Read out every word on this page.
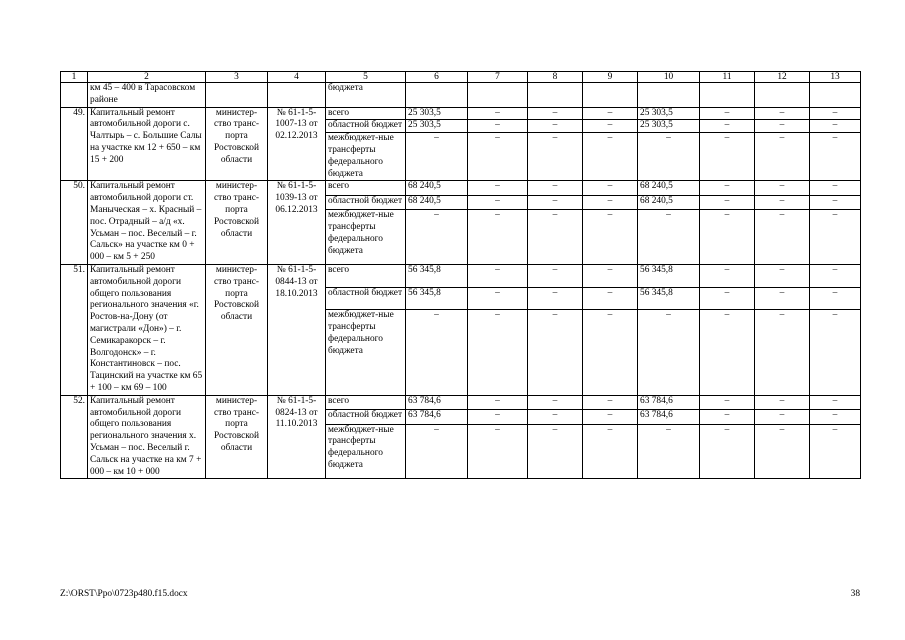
1	2	3	4	5	6	7	8	9	10	11	12	13
	км 45 – 400 в Тарасовском районе			бюджета								
49.	Капитальный ремонт автомобильной дороги с. Чалтырь – с. Большие Салы на участке км 12 + 650 – км 15 + 200	министер-ство транс-порта Ростовской области	№ 61-1-5-1007-13 от 02.12.2013	всего	25 303,5	–	–	–	25 303,5	–	–	–
				областной бюджет	25 303,5	–	–	–	25 303,5	–	–	–
				межбюджет-ные трансферты федерального бюджета	–	–	–	–	–	–	–	–
50.	Капитальный ремонт автомобильной дороги ст. Маныческая – х. Красный – пос. Отрадный – а/д «х. Усьман – пос. Веселый – г. Сальск» на участке км 0 + 000 – км 5 + 250	министер-ство транс-порта Ростовской области	№ 61-1-5-1039-13 от 06.12.2013	всего	68 240,5	–	–	–	68 240,5	–	–	–
				областной бюджет	68 240,5	–	–	–	68 240,5	–	–	–
				межбюджет-ные трансферты федерального бюджета	–	–	–	–	–	–	–	–
51.	Капитальный ремонт автомобильной дороги общего пользования регионального значения «г. Ростов-на-Дону (от магистрали «Дон») – г. Семикаракорск – г. Волгодонск» – г. Константиновск – пос. Тацинский на участке км 65 + 100 – км 69 – 100	министер-ство транс-порта Ростовской области	№ 61-1-5-0844-13 от 18.10.2013	всего	56 345,8	–	–	–	56 345,8	–	–	–
				областной бюджет	56 345,8	–	–	–	56 345,8	–	–	–
				межбюджет-ные трансферты федерального бюджета	–	–	–	–	–	–	–	–
52.	Капитальный ремонт автомобильной дороги общего пользования регионального значения х. Усьман – пос. Веселый г. Сальск на участке на км 7 + 000 – км 10 + 000	министер-ство транс-порта Ростовской области	№ 61-1-5-0824-13 от 11.10.2013	всего	63 784,6	–	–	–	63 784,6	–	–	–
				областной бюджет	63 784,6	–	–	–	63 784,6	–	–	–
				межбюджет-ные трансферты федерального бюджета	–	–	–	–	–	–	–	–
Z:\ORST\Ppo\0723p480.f15.docx	38
